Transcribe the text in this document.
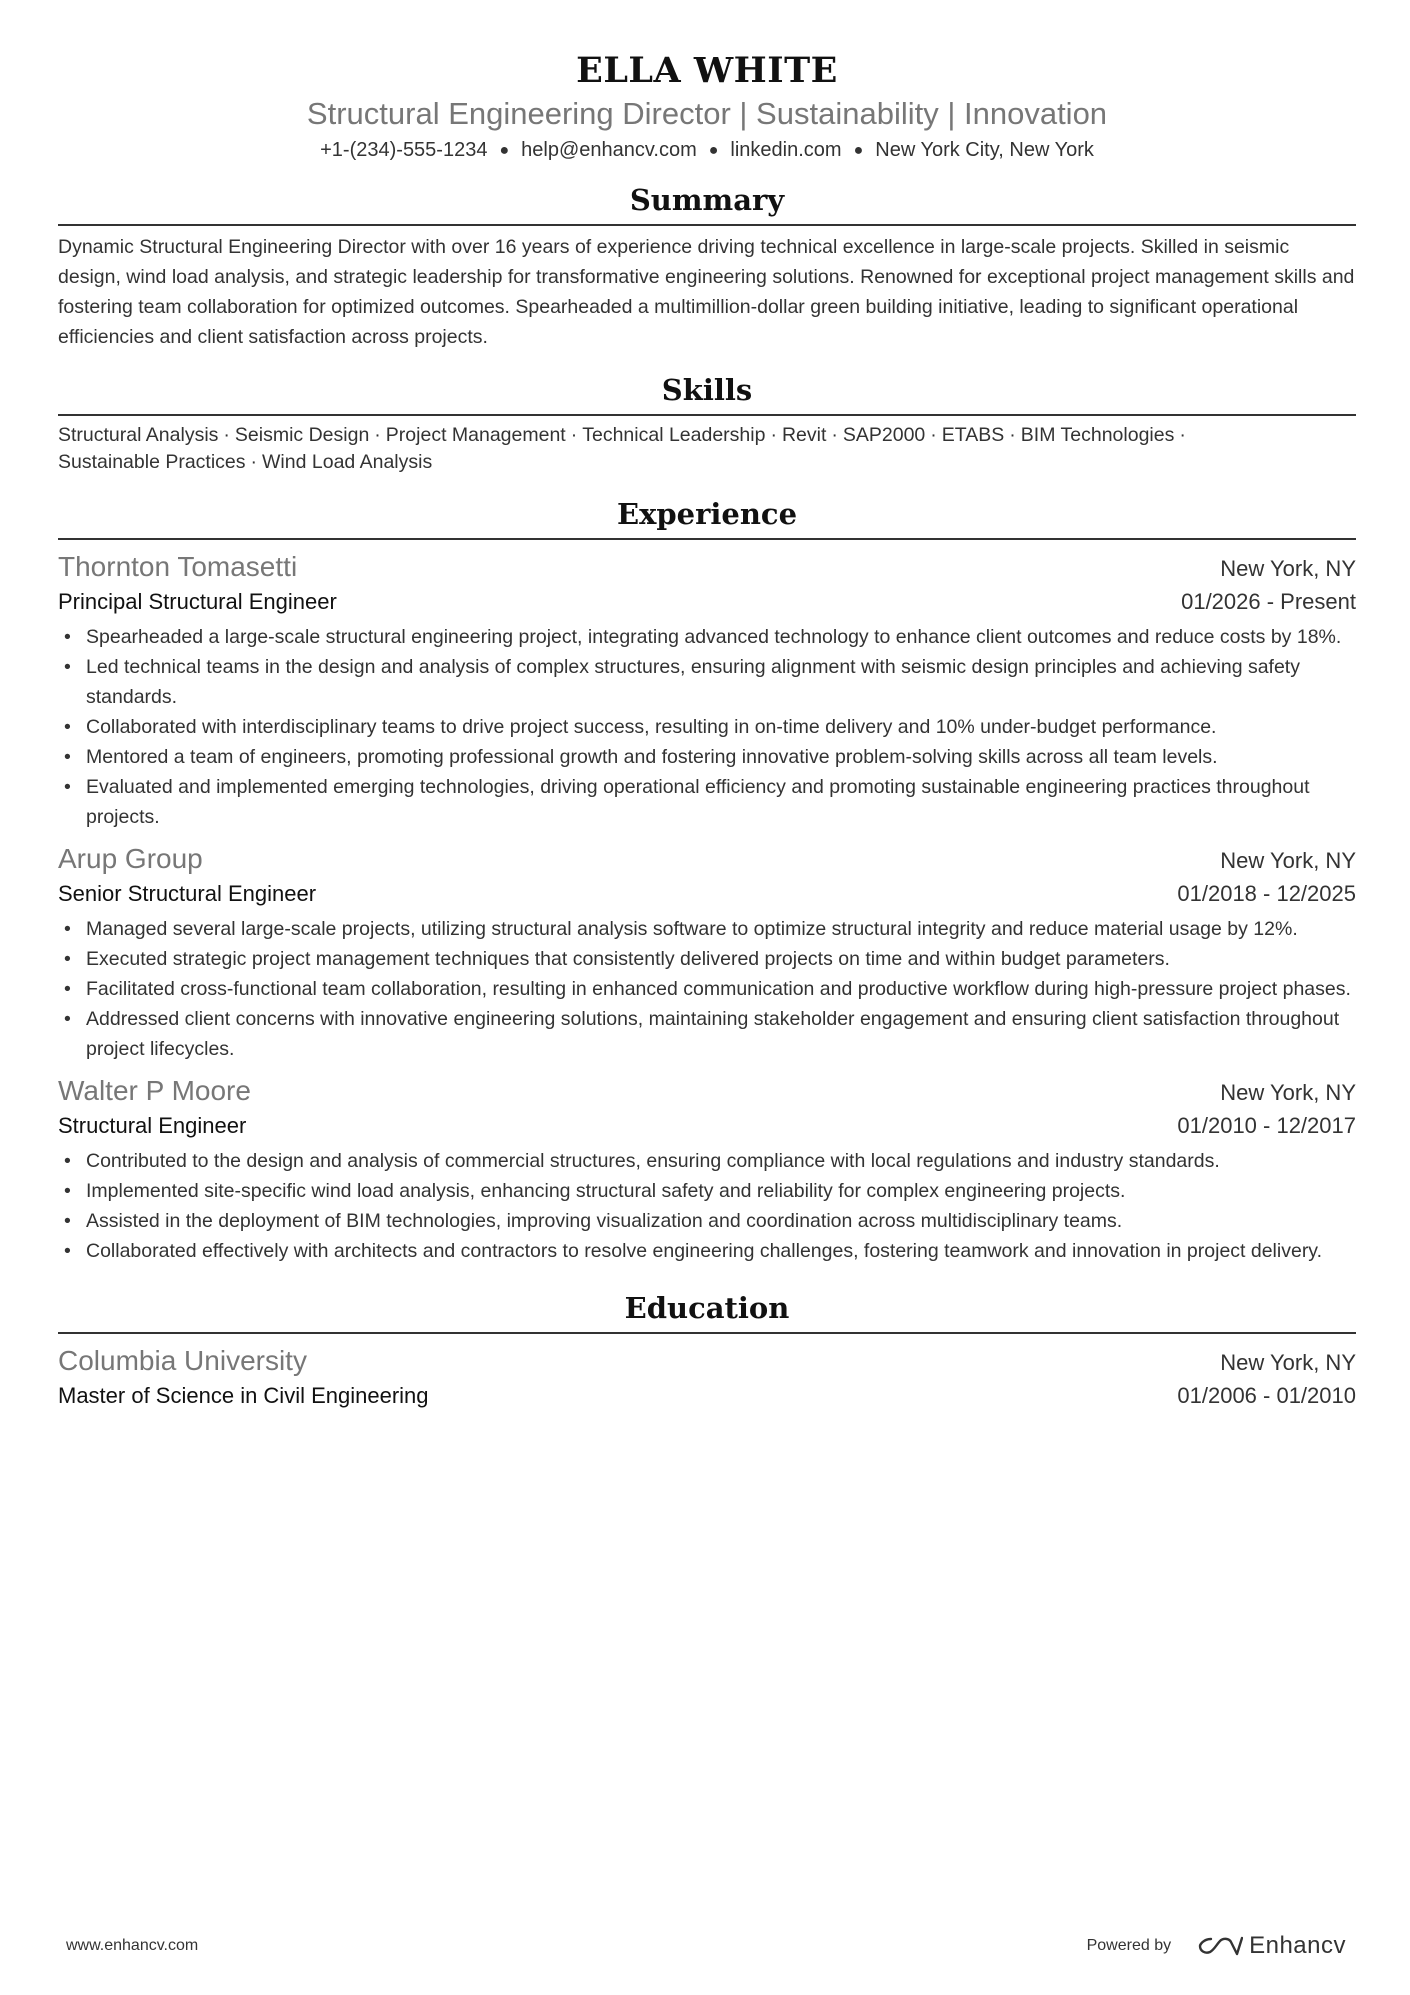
ELLA WHITE
Structural Engineering Director | Sustainability | Innovation
+1-(234)-555-1234 ● help@enhancv.com ● linkedin.com ● New York City, New York
Summary
Dynamic Structural Engineering Director with over 16 years of experience driving technical excellence in large-scale projects. Skilled in seismic design, wind load analysis, and strategic leadership for transformative engineering solutions. Renowned for exceptional project management skills and fostering team collaboration for optimized outcomes. Spearheaded a multimillion-dollar green building initiative, leading to significant operational efficiencies and client satisfaction across projects.
Skills
Structural Analysis · Seismic Design · Project Management · Technical Leadership · Revit · SAP2000 · ETABS · BIM Technologies ·
Sustainable Practices · Wind Load Analysis
Experience
Thornton Tomasetti	New York, NY
Principal Structural Engineer	01/2026 - Present
• Spearheaded a large-scale structural engineering project, integrating advanced technology to enhance client outcomes and reduce costs by 18%.
• Led technical teams in the design and analysis of complex structures, ensuring alignment with seismic design principles and achieving safety standards.
• Collaborated with interdisciplinary teams to drive project success, resulting in on-time delivery and 10% under-budget performance.
• Mentored a team of engineers, promoting professional growth and fostering innovative problem-solving skills across all team levels.
• Evaluated and implemented emerging technologies, driving operational efficiency and promoting sustainable engineering practices throughout projects.
Arup Group	New York, NY
Senior Structural Engineer	01/2018 - 12/2025
• Managed several large-scale projects, utilizing structural analysis software to optimize structural integrity and reduce material usage by 12%.
• Executed strategic project management techniques that consistently delivered projects on time and within budget parameters.
• Facilitated cross-functional team collaboration, resulting in enhanced communication and productive workflow during high-pressure project phases.
• Addressed client concerns with innovative engineering solutions, maintaining stakeholder engagement and ensuring client satisfaction throughout project lifecycles.
Walter P Moore	New York, NY
Structural Engineer	01/2010 - 12/2017
• Contributed to the design and analysis of commercial structures, ensuring compliance with local regulations and industry standards.
• Implemented site-specific wind load analysis, enhancing structural safety and reliability for complex engineering projects.
• Assisted in the deployment of BIM technologies, improving visualization and coordination across multidisciplinary teams.
• Collaborated effectively with architects and contractors to resolve engineering challenges, fostering teamwork and innovation in project delivery.
Education
Columbia University	New York, NY
Master of Science in Civil Engineering	01/2006 - 01/2010
www.enhancv.com	Powered by	Enhancv
